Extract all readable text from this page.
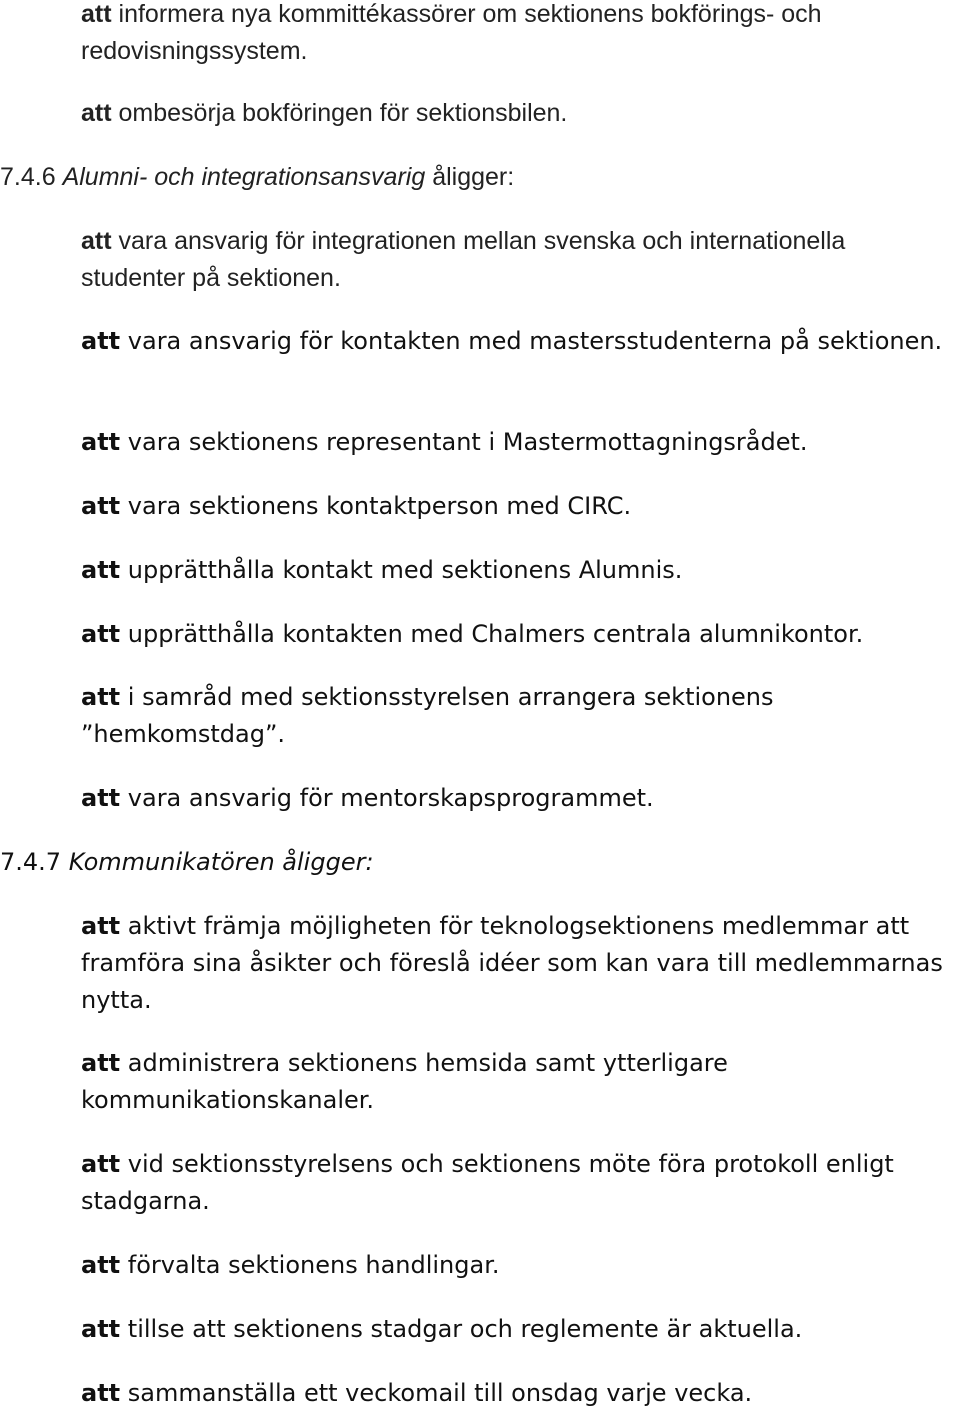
att informera nya kommittékassörer om sektionens bokförings- och redovisningssystem.

att ombesörja bokföringen för sektionsbilen.

7.4.6 Alumni- och integrationsansvarig åligger:

att vara ansvarig för integrationen mellan svenska och internationella studenter på sektionen.

att vara ansvarig för kontakten med mastersstudenterna på sektionen.

att vara sektionens representant i Mastermottagningsrådet.

att vara sektionens kontaktperson med CIRC.

att upprätthålla kontakt med sektionens Alumnis.

att upprätthålla kontakten med Chalmers centrala alumnikontor.

att i samråd med sektionsstyrelsen arrangera sektionens ”hemkomstdag”.

att vara ansvarig för mentorskapsprogrammet.

7.4.7 Kommunikatören åligger:

att aktivt främja möjligheten för teknologsektionens medlemmar att framföra sina åsikter och föreslå idéer som kan vara till medlemmarnas nytta.

att administrera sektionens hemsida samt ytterligare kommunikationskanaler.

att vid sektionsstyrelsens och sektionens möte föra protokoll enligt stadgarna.

att förvalta sektionens handlingar.

att tillse att sektionens stadgar och reglemente är aktuella.

att sammanställa ett veckomail till onsdag varje vecka.
